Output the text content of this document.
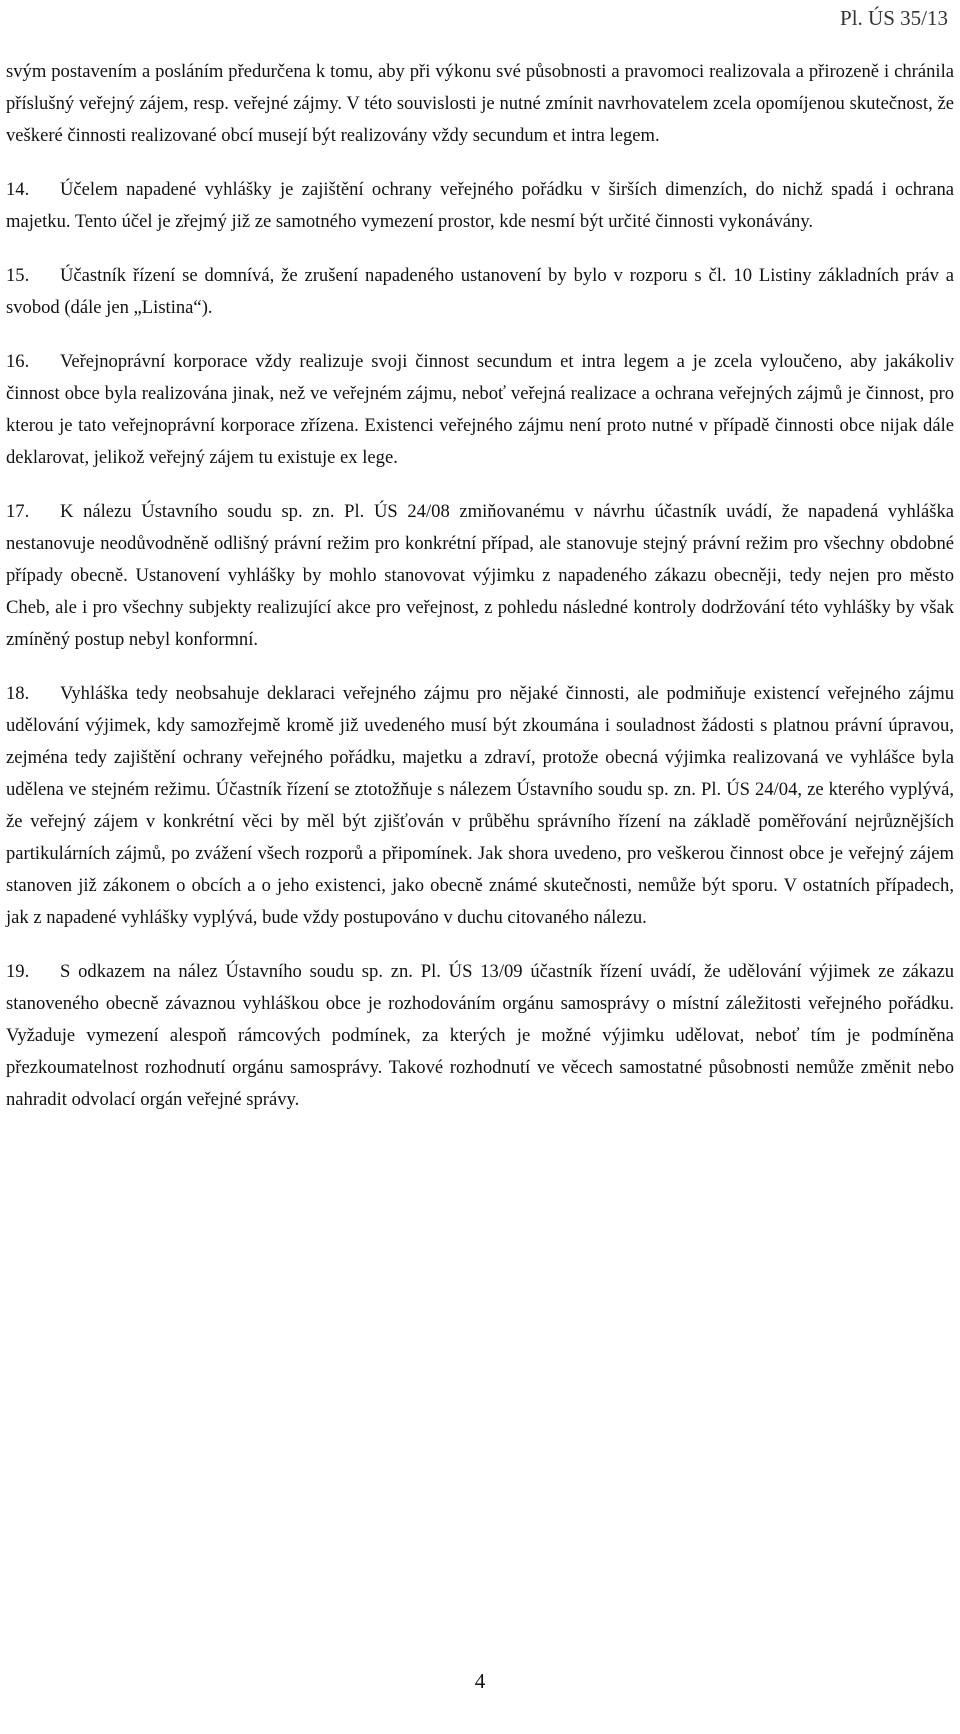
Pl. ÚS 35/13

svým postavením a posláním předurčena k tomu, aby při výkonu své působnosti a pravomoci realizovala a přirozeně i chránila příslušný veřejný zájem, resp. veřejné zájmy. V této souvislosti je nutné zmínit navrhovatelem zcela opomíjenou skutečnost, že veškeré činnosti realizované obcí musejí být realizovány vždy secundum et intra legem.

14. Účelem napadené vyhlášky je zajištění ochrany veřejného pořádku v širších dimenzích, do nichž spadá i ochrana majetku. Tento účel je zřejmý již ze samotného vymezení prostor, kde nesmí být určité činnosti vykonávány.

15. Účastník řízení se domnívá, že zrušení napadeného ustanovení by bylo v rozporu s čl. 10 Listiny základních práv a svobod (dále jen „Listina“).

16. Veřejnoprávní korporace vždy realizuje svoji činnost secundum et intra legem a je zcela vyloučeno, aby jakákoliv činnost obce byla realizována jinak, než ve veřejném zájmu, neboť veřejná realizace a ochrana veřejných zájmů je činnost, pro kterou je tato veřejnoprávní korporace zřízena. Existenci veřejného zájmu není proto nutné v případě činnosti obce nijak dále deklarovat, jelikož veřejný zájem tu existuje ex lege.

17. K nálezu Ústavního soudu sp. zn. Pl. ÚS 24/08 zmiňovanému v návrhu účastník uvádí, že napadená vyhláška nestanovuje neodůvodněně odlišný právní režim pro konkrétní případ, ale stanovuje stejný právní režim pro všechny obdobné případy obecně. Ustanovení vyhlášky by mohlo stanovovat výjimku z napadeného zákazu obecněji, tedy nejen pro město Cheb, ale i pro všechny subjekty realizující akce pro veřejnost, z pohledu následné kontroly dodržování této vyhlášky by však zmíněný postup nebyl konformní.

18. Vyhláška tedy neobsahuje deklaraci veřejného zájmu pro nějaké činnosti, ale podmiňuje existencí veřejného zájmu udělování výjimek, kdy samozřejmě kromě již uvedeného musí být zkoumána i souladnost žádosti s platnou právní úpravou, zejména tedy zajištění ochrany veřejného pořádku, majetku a zdraví, protože obecná výjimka realizovaná ve vyhlášce byla udělena ve stejném režimu. Účastník řízení se ztotožňuje s nálezem Ústavního soudu sp. zn. Pl. ÚS 24/04, ze kterého vyplývá, že veřejný zájem v konkrétní věci by měl být zjišťován v průběhu správního řízení na základě poměřování nejrůznějších partikulárních zájmů, po zvážení všech rozporů a připomínek. Jak shora uvedeno, pro veškerou činnost obce je veřejný zájem stanoven již zákonem o obcích a o jeho existenci, jako obecně známé skutečnosti, nemůže být sporu. V ostatních případech, jak z napadené vyhlášky vyplývá, bude vždy postupováno v duchu citovaného nálezu.

19. S odkazem na nález Ústavního soudu sp. zn. Pl. ÚS 13/09 účastník řízení uvádí, že udělování výjimek ze zákazu stanoveného obecně závaznou vyhláškou obce je rozhodováním orgánu samosprávy o místní záležitosti veřejného pořádku. Vyžaduje vymezení alespoň rámcových podmínek, za kterých je možné výjimku udělovat, neboť tím je podmíněna přezkoumatelnost rozhodnutí orgánu samosprávy. Takové rozhodnutí ve věcech samostatné působnosti nemůže změnit nebo nahradit odvolací orgán veřejné správy.

4
